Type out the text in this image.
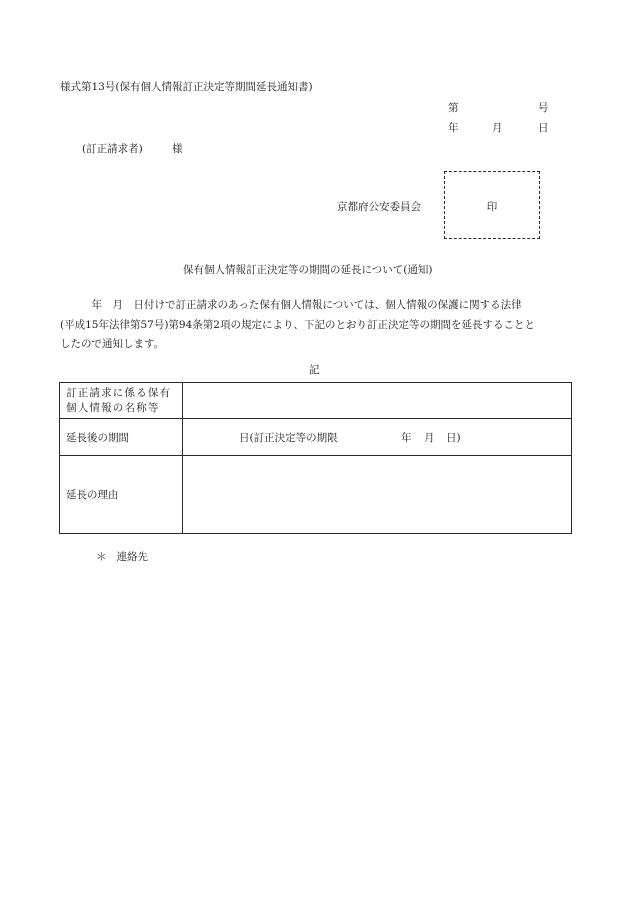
様式第13号(保有個人情報訂正決定等期間延長通知書)
第	号
年	月	日
(訂正請求者)	様
京都府公安委員会	印
保有個人情報訂正決定等の期間の延長について(通知)
　　　年　月　日付けで訂正請求のあった保有個人情報については、個人情報の保護に関する法律
(平成15年法律第57号)第94条第2項の規定により、下記のとおり訂正決定等の期間を延長することと
したので通知します。
記
訂正請求に係る保有
個人情報の名称等	
延長後の期間	日(訂正決定等の期限 年 月 日)

延長の理由	
＊ 連絡先
